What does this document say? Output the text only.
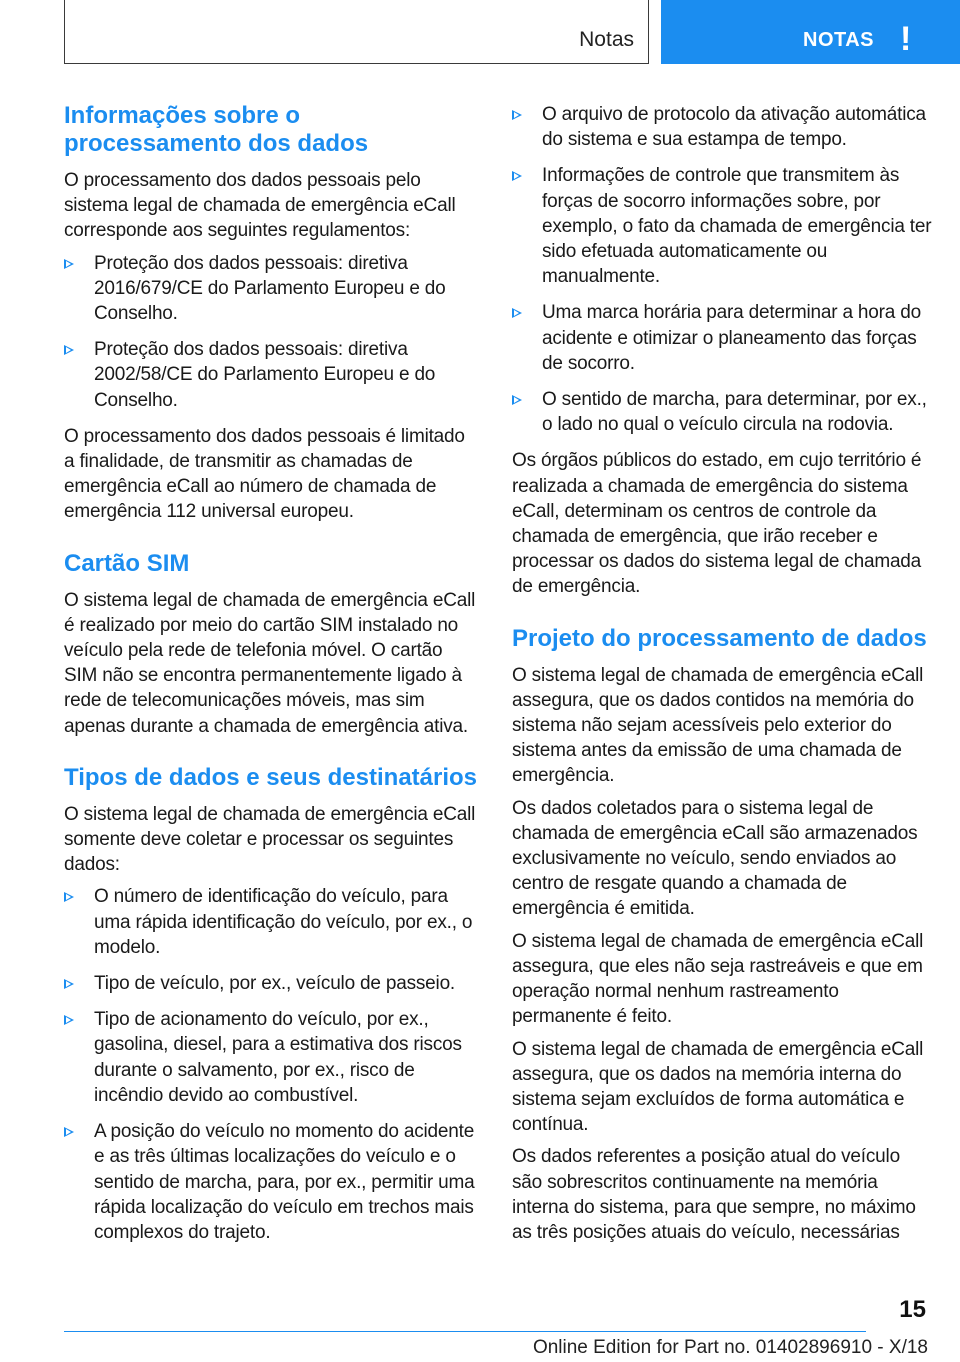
Notas	NOTAS !
Informações sobre o processamento dos dados
O processamento dos dados pessoais pelo sistema legal de chamada de emergência eCall corresponde aos seguintes regulamentos:
Proteção dos dados pessoais: diretiva 2016/679/CE do Parlamento Europeu e do Conselho.
Proteção dos dados pessoais: diretiva 2002/58/CE do Parlamento Europeu e do Conselho.
O processamento dos dados pessoais é limitado a finalidade, de transmitir as chamadas de emergência eCall ao número de chamada de emergência 112 universal europeu.
Cartão SIM
O sistema legal de chamada de emergência eCall é realizado por meio do cartão SIM instalado no veículo pela rede de telefonia móvel. O cartão SIM não se encontra permanentemente ligado à rede de telecomunicações móveis, mas sim apenas durante a chamada de emergência ativa.
Tipos de dados e seus destinatários
O sistema legal de chamada de emergência eCall somente deve coletar e processar os seguintes dados:
O número de identificação do veículo, para uma rápida identificação do veículo, por ex., o modelo.
Tipo de veículo, por ex., veículo de passeio.
Tipo de acionamento do veículo, por ex., gasolina, diesel, para a estimativa dos riscos durante o salvamento, por ex., risco de incêndio devido ao combustível.
A posição do veículo no momento do acidente e as três últimas localizações do veículo e o sentido de marcha, para, por ex., permitir uma rápida localização do veículo em trechos mais complexos do trajeto.
O arquivo de protocolo da ativação automática do sistema e sua estampa de tempo.
Informações de controle que transmitem às forças de socorro informações sobre, por exemplo, o fato da chamada de emergência ter sido efetuada automaticamente ou manualmente.
Uma marca horária para determinar a hora do acidente e otimizar o planeamento das forças de socorro.
O sentido de marcha, para determinar, por ex., o lado no qual o veículo circula na rodovia.
Os órgãos públicos do estado, em cujo território é realizada a chamada de emergência do sistema eCall, determinam os centros de controle da chamada de emergência, que irão receber e processar os dados do sistema legal de chamada de emergência.
Projeto do processamento de dados
O sistema legal de chamada de emergência eCall assegura, que os dados contidos na memória do sistema não sejam acessíveis pelo exterior do sistema antes da emissão de uma chamada de emergência.
Os dados coletados para o sistema legal de chamada de emergência eCall são armazenados exclusivamente no veículo, sendo enviados ao centro de resgate quando a chamada de emergência é emitida.
O sistema legal de chamada de emergência eCall assegura, que eles não seja rastreáveis e que em operação normal nenhum rastreamento permanente é feito.
O sistema legal de chamada de emergência eCall assegura, que os dados na memória interna do sistema sejam excluídos de forma automática e contínua.
Os dados referentes a posição atual do veículo são sobrescritos continuamente na memória interna do sistema, para que sempre, no máximo as três posições atuais do veículo, necessárias
15
Online Edition for Part no. 01402896910 - X/18
